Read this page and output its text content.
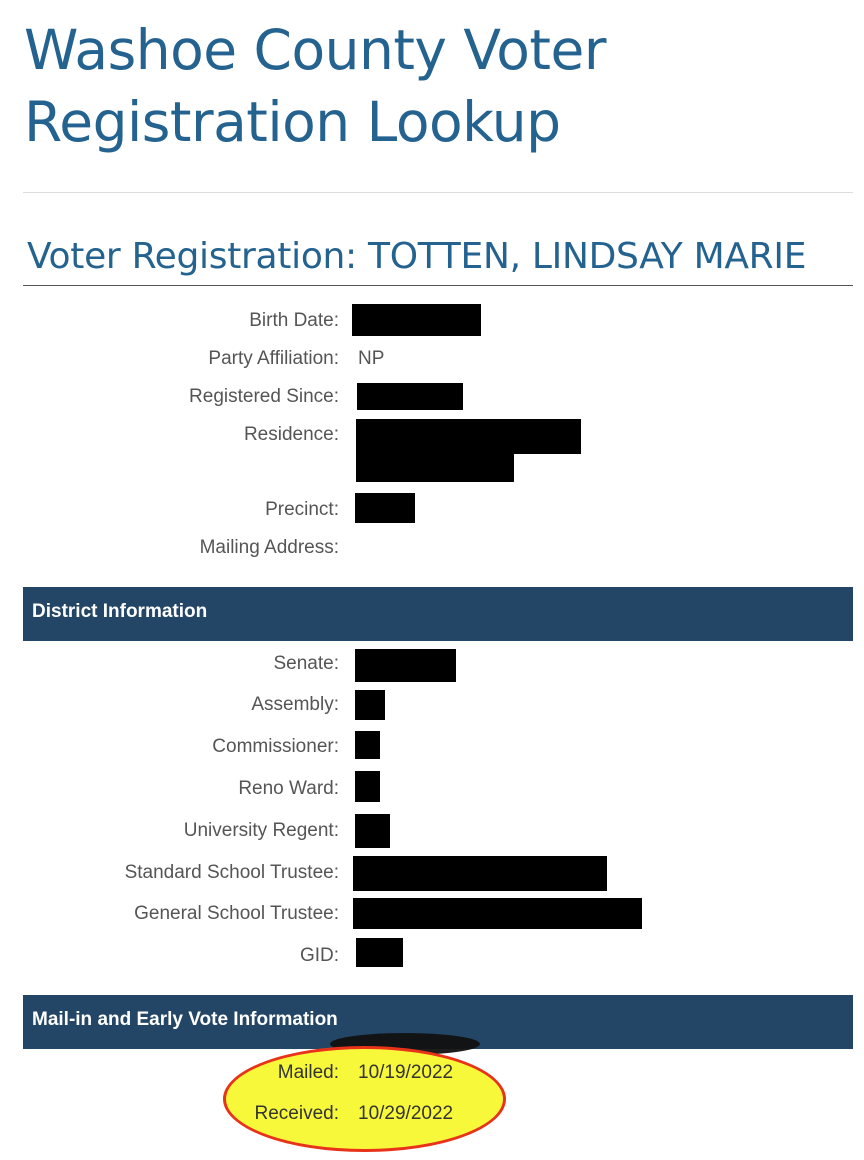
Washoe County Voter Registration Lookup
Voter Registration: TOTTEN, LINDSAY MARIE
Birth Date:
Party Affiliation: NP
Registered Since:
Residence:
Precinct:
Mailing Address:
District Information
Senate:
Assembly:
Commissioner:
Reno Ward:
University Regent:
Standard School Trustee:
General School Trustee:
GID:
Mail-in and Early Vote Information
Mailed: 10/19/2022
Received: 10/29/2022
